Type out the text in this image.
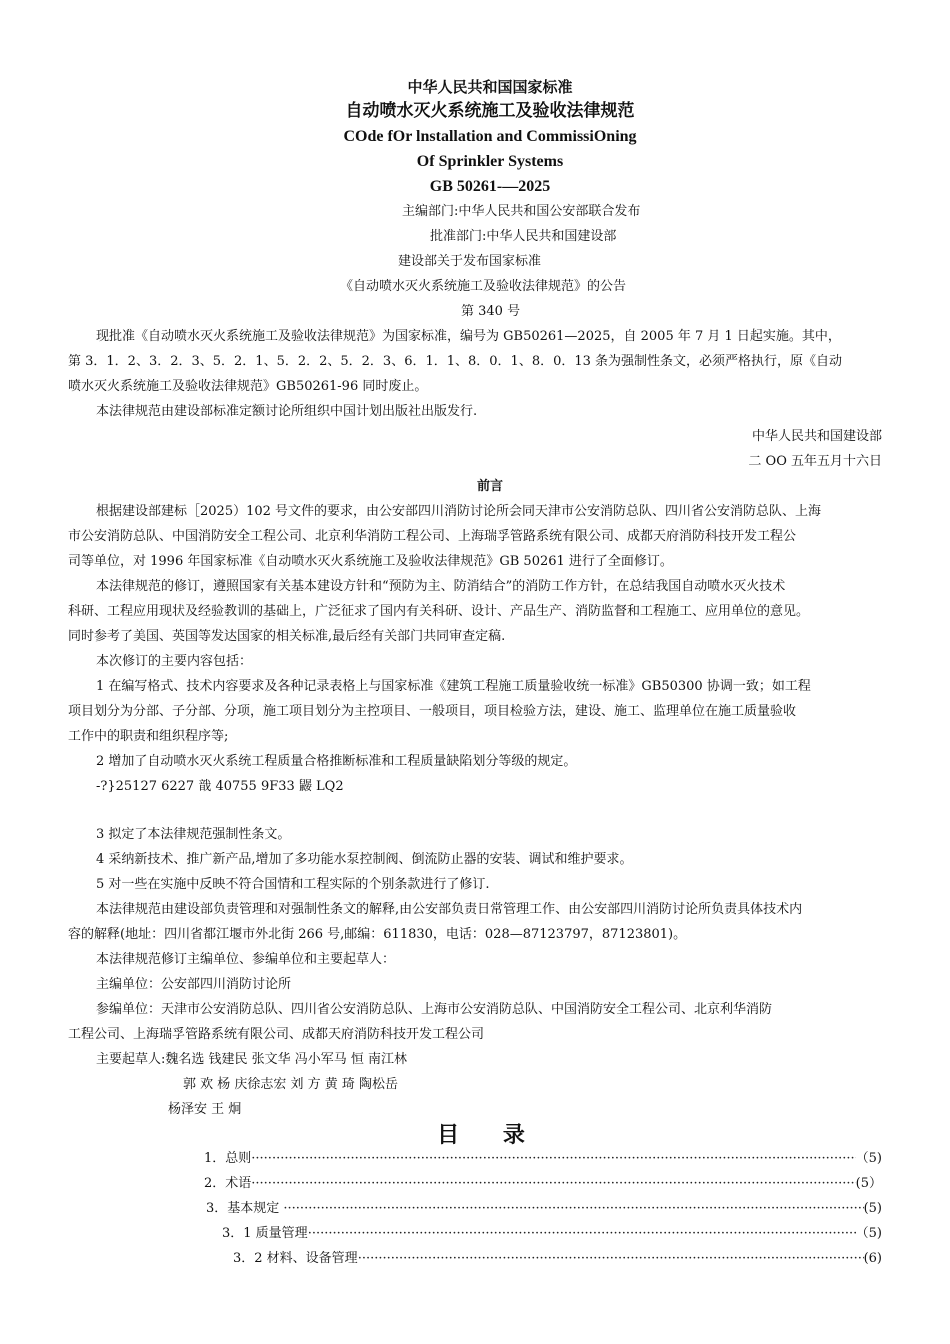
中华人民共和国国家标准
自动喷水灭火系统施工及验收法律规范
COde fOr lnstallation and CommissiOning
Of Sprinkler Systems
GB 50261-—2025
主编部门:中华人民共和国公安部联合发布
批准部门:中华人民共和国建设部
建设部关于发布国家标准
《自动喷水灭火系统施工及验收法律规范》的公告
第 340 号
现批准《自动喷水灭火系统施工及验收法律规范》为国家标准，编号为 GB50261—2025，自 2005 年 7 月 1 日起实施。其中，
第 3．1．2、3．2．3、5．2．1、5．2．2、5．2．3、6．1．1、8．0．1、8．0．13 条为强制性条文，必须严格执行，原《自动
喷水灭火系统施工及验收法律规范》GB50261-96 同时废止。
本法律规范由建设部标准定额讨论所组织中国计划出版社出版发行.
中华人民共和国建设部
二 OO 五年五月十六日
前言
根据建设部建标［2025）102 号文件的要求，由公安部四川消防讨论所会同天津市公安消防总队、四川省公安消防总队、上海
市公安消防总队、中国消防安全工程公司、北京利华消防工程公司、上海瑞孚管路系统有限公司、成都天府消防科技开发工程公
司等单位，对 1996 年国家标准《自动喷水灭火系统施工及验收法律规范》GB 50261 进行了全面修订。
本法律规范的修订，遵照国家有关基本建设方针和“预防为主、防消结合”的消防工作方针，在总结我国自动喷水灭火技术
科研、工程应用现状及经验教训的基础上，广泛征求了国内有关科研、设计、产品生产、消防监督和工程施工、应用单位的意见。
同时参考了美国、英国等发达国家的相关标准,最后经有关部门共同审查定稿.
本次修订的主要内容包括：
1 在编写格式、技术内容要求及各种记录表格上与国家标准《建筑工程施工质量验收统一标准》GB50300 协调一致；如工程
项目划分为分部、子分部、分项，施工项目划分为主控项目、一般项目，项目检验方法，建设、施工、监理单位在施工质量验收
工作中的职责和组织程序等;
2 增加了自动喷水灭火系统工程质量合格推断标准和工程质量缺陷划分等级的规定。
-?}25127 6227 戠 40755 9F33 鼹 LQ2
3 拟定了本法律规范强制性条文。
4 采纳新技术、推广新产品,增加了多功能水泵控制阀、倒流防止器的安装、调试和维护要求。
5 对一些在实施中反映不符合国情和工程实际的个别条款进行了修订.
本法律规范由建设部负责管理和对强制性条文的解释,由公安部负责日常管理工作、由公安部四川消防讨论所负责具体技术内
容的解释(地址：四川省都江堰市外北街 266 号,邮编：611830，电话：028—87123797，87123801)。
本法律规范修订主编单位、参编单位和主要起草人：
主编单位：公安部四川消防讨论所
参编单位：天津市公安消防总队、四川省公安消防总队、上海市公安消防总队、中国消防安全工程公司、北京利华消防
工程公司、上海瑞孚管路系统有限公司、成都天府消防科技开发工程公司
主要起草人:魏名选 钱建民 张文华 冯小军马 恒 南江林
郭 欢 杨 庆徐志宏 刘 方 黄 琦 陶松岳
杨泽安 王 炯
目 录
1．总则 ·····	（5)
2．术语 ·····	(5）
3．基本规定 ·····	(5)
3．1 质量管理 ·····	（5)
3．2 材料、设备管理 ·····	(6)
